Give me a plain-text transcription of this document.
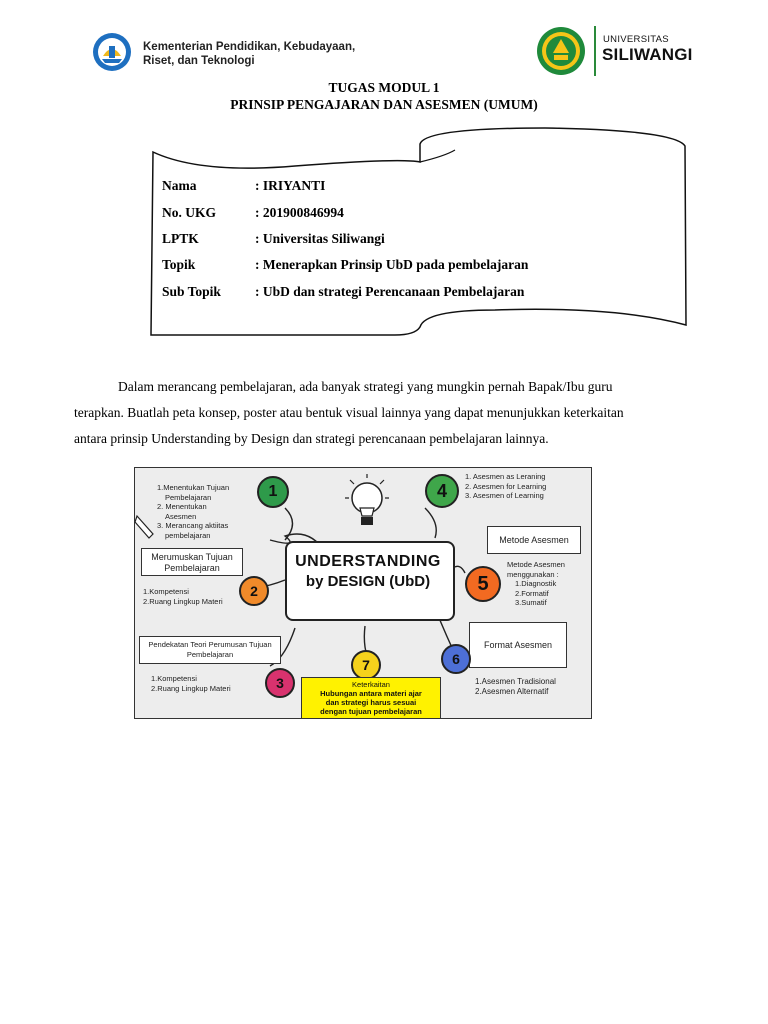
Kementerian Pendidikan, Kebudayaan,
Riset, dan Teknologi
UNIVERSITAS
SILIWANGI
TUGAS MODUL 1
PRINSIP PENGAJARAN DAN ASESMEN (UMUM)
Nama	: IRIYANTI
No. UKG	: 201900846994
LPTK	: Universitas Siliwangi
Topik	: Menerapkan Prinsip UbD pada pembelajaran
Sub Topik	: UbD dan strategi Perencanaan Pembelajaran
Dalam merancang pembelajaran, ada banyak strategi yang mungkin pernah Bapak/Ibu guru
terapkan. Buatlah peta konsep, poster atau bentuk visual lainnya yang dapat menunjukkan keterkaitan
antara prinsip Understanding by Design dan strategi perencanaan pembelajaran lainnya.
UNDERSTANDING
by DESIGN (UbD)
1.Menentukan Tujuan
Pembelajaran
2. Menentukan
Asesmen
3. Merancang aktiitas
pembelajaran
1
Merumuskan Tujuan
Pembelajaran
2
1.Kompetensi
2.Ruang Lingkup Materi
Pendekatan Teori Perumusan Tujuan
Pembelajaran
3
1.Kompetensi
2.Ruang Lingkup Materi
4
1. Asesmen as Leraning
2. Asesmen for Learning
3. Asesmen of Learning
Metode Asesmen
5
Metode Asesmen
menggunakan :
1.Diagnostik
2.Formatif
3.Sumatif
Format Asesmen
6
1.Asesmen Tradisional
2.Asesmen Alternatif
7
Keterkaitan
Hubungan antara materi ajar
dan strategi harus sesuai
dengan tujuan pembelajaran
